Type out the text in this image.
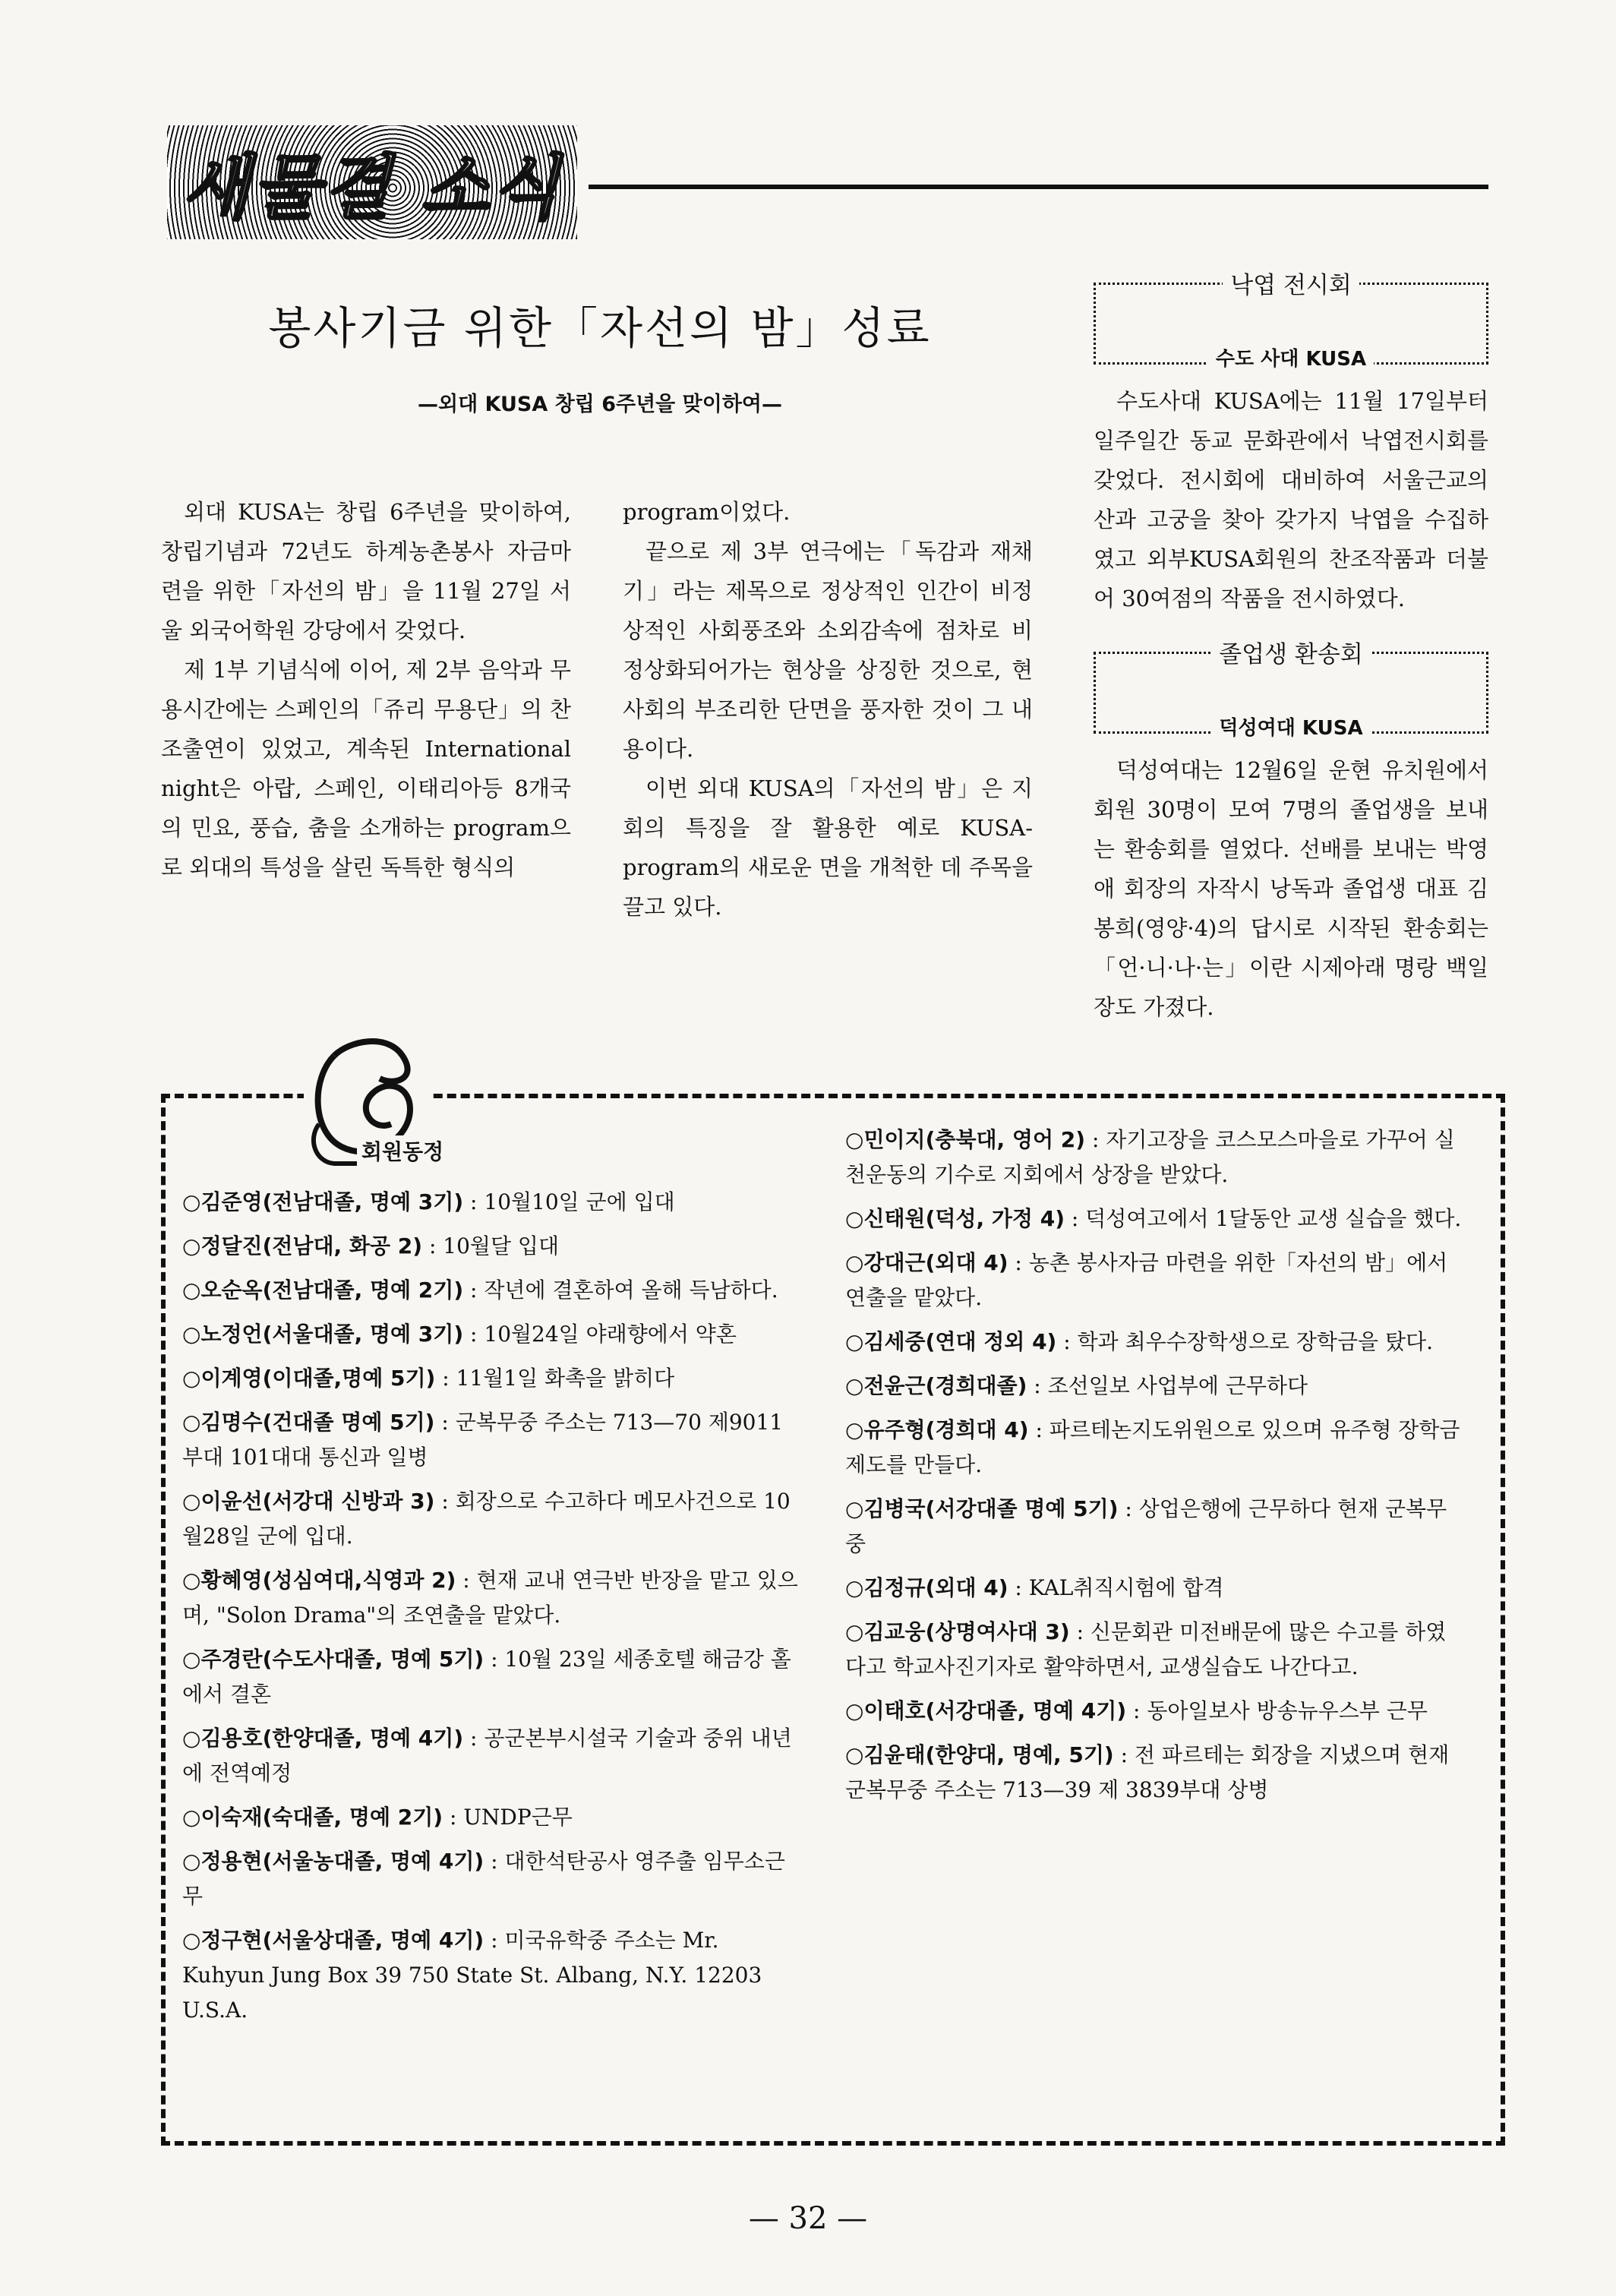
새물결 소식
봉사기금 위한「자선의 밤」성료
—외대 KUSA 창립 6주년을 맞이하여—

외대 KUSA는 창립 6주년을 맞이하여, 창립기념과 72년도 하계농촌봉사 자금마련을 위한「자선의 밤」을 11월 27일 서울 외국어학원 강당에서 갖었다.

제 1부 기념식에 이어, 제 2부 음악과 무용시간에는 스페인의「쥬리 무용단」의 찬조출연이 있었고, 계속된 International night은 아랍, 스페인, 이태리아등 8개국의 민요, 풍습, 춤을 소개하는 program으로 외대의 특성을 살린 독특한 형식의

program이었다.

끝으로 제 3부 연극에는「독감과 재채기」라는 제목으로 정상적인 인간이 비정상적인 사회풍조와 소외감속에 점차로 비정상화되어가는 현상을 상징한 것으로, 현사회의 부조리한 단면을 풍자한 것이 그 내용이다.

이번 외대 KUSA의「자선의 밤」은 지회의 특징을 잘 활용한 예로 KUSA-program의 새로운 면을 개척한 데 주목을 끌고 있다.

낙엽 전시회
수도 사대 KUSA

수도사대 KUSA에는 11월 17일부터 일주일간 동교 문화관에서 낙엽전시회를 갖었다. 전시회에 대비하여 서울근교의 산과 고궁을 찾아 갖가지 낙엽을 수집하였고 외부KUSA회원의 찬조작품과 더불어 30여점의 작품을 전시하였다.

졸업생 환송회
덕성여대 KUSA

덕성여대는 12월6일 운현 유치원에서 회원 30명이 모여 7명의 졸업생을 보내는 환송회를 열었다. 선배를 보내는 박영애 회장의 자작시 낭독과 졸업생 대표 김 봉희(영양·4)의 답시로 시작된 환송회는「언·니·나·는」이란 시제아래 명랑 백일장도 가졌다.

회원동정
○김준영(전남대졸, 명예 3기) : 10월10일 군에 입대
○정달진(전남대, 화공 2) : 10월달 입대
○오순옥(전남대졸, 명예 2기) : 작년에 결혼하여 올해 득남하다.
○노정언(서울대졸, 명예 3기) : 10월24일 야래향에서 약혼
○이계영(이대졸,명예 5기) : 11월1일 화촉을 밝히다
○김명수(건대졸 명예 5기) : 군복무중 주소는 713—70 제9011부대 101대대 통신과 일병
○이윤선(서강대 신방과 3) : 회장으로 수고하다 메모사건으로 10월28일 군에 입대.
○황혜영(성심여대,식영과 2) : 현재 교내 연극반 반장을 맡고 있으며, "Solon Drama"의 조연출을 맡았다.
○주경란(수도사대졸, 명예 5기) : 10월 23일 세종호텔 해금강 홀에서 결혼
○김용호(한양대졸, 명예 4기) : 공군본부시설국 기술과 중위 내년에 전역예정
○이숙재(숙대졸, 명예 2기) : UNDP근무
○정용현(서울농대졸, 명예 4기) : 대한석탄공사 영주출 임무소근무
○정구현(서울상대졸, 명예 4기) : 미국유학중 주소는 Mr. Kuhyun Jung Box 39 750 State St. Albang, N.Y. 12203 U.S.A.
○민이지(충북대, 영어 2) : 자기고장을 코스모스마을로 가꾸어 실천운동의 기수로 지회에서 상장을 받았다.
○신태원(덕성, 가정 4) : 덕성여고에서 1달동안 교생 실습을 했다.
○강대근(외대 4) : 농촌 봉사자금 마련을 위한「자선의 밤」에서 연출을 맡았다.
○김세중(연대 정외 4) : 학과 최우수장학생으로 장학금을 탔다.
○전윤근(경희대졸) : 조선일보 사업부에 근무하다
○유주형(경희대 4) : 파르테논지도위원으로 있으며 유주형 장학금 제도를 만들다.
○김병국(서강대졸 명예 5기) : 상업은행에 근무하다 현재 군복무중
○김정규(외대 4) : KAL취직시험에 합격
○김교웅(상명여사대 3) : 신문회관 미전배문에 많은 수고를 하였다고 학교사진기자로 활약하면서, 교생실습도 나간다고.
○이태호(서강대졸, 명예 4기) : 동아일보사 방송뉴우스부 근무
○김윤태(한양대, 명예, 5기) : 전 파르테는 회장을 지냈으며 현재 군복무중 주소는 713—39 제 3839부대 상병
— 32 —
